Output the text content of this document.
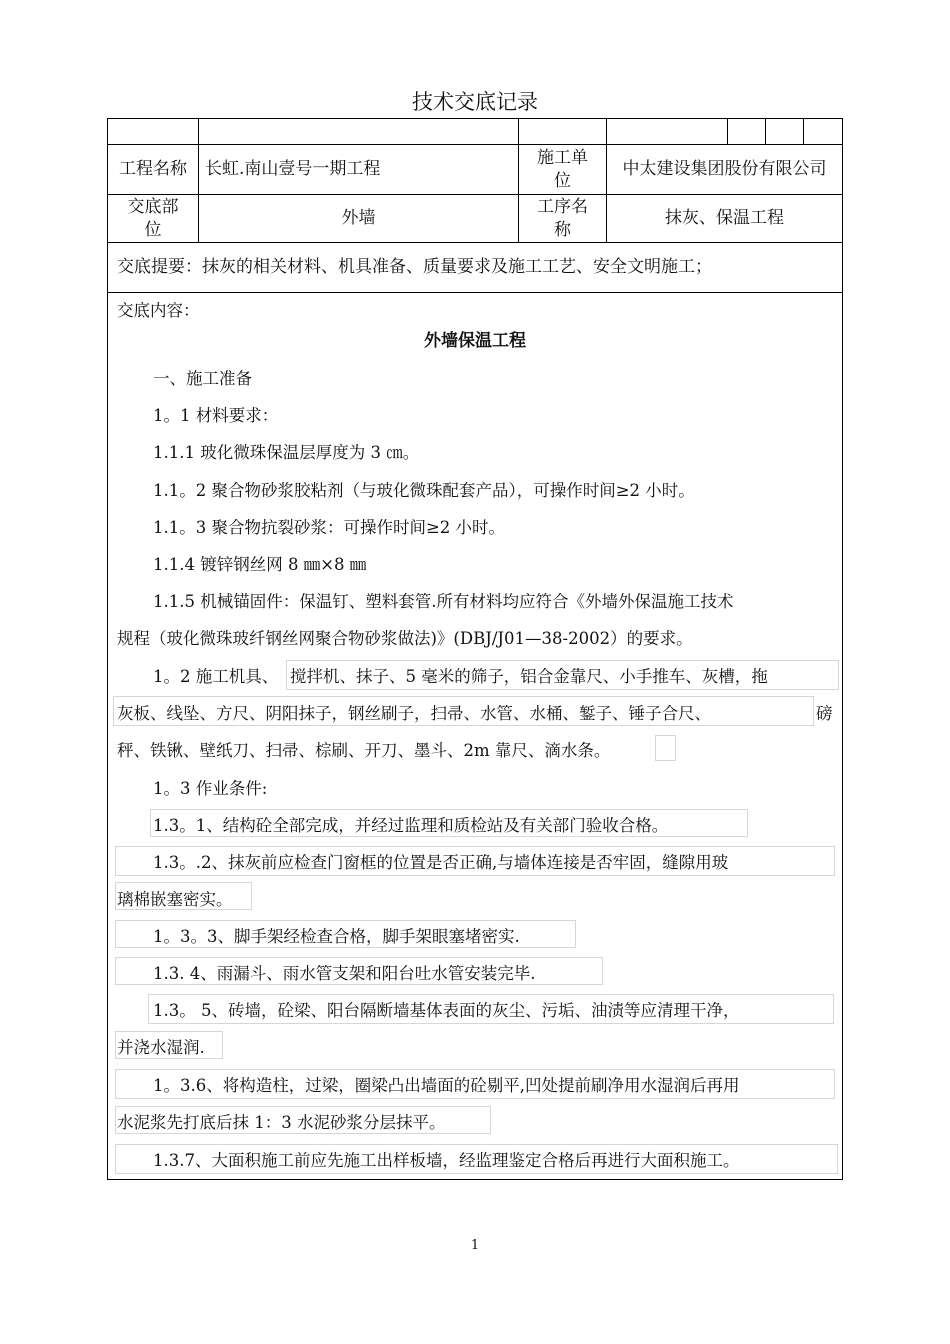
技术交底记录
工程名称	长虹.南山壹号一期工程
施工单位
中太建设集团股份有限公司
交底部位
外墙
工序名称
抹灰、保温工程
交底提要：抹灰的相关材料、机具准备、质量要求及施工工艺、安全文明施工；
交底内容：
外墙保温工程
一、施工准备
1。1 材料要求：
1.1.1 玻化微珠保温层厚度为 3 ㎝。
1.1。2 聚合物砂浆胶粘剂（与玻化微珠配套产品），可操作时间≥2 小时。
1.1。3 聚合物抗裂砂浆：可操作时间≥2 小时。
1.1.4 镀锌钢丝网 8 ㎜×8 ㎜
1.1.5 机械锚固件：保温钉、塑料套管.所有材料均应符合《外墙外保温施工技术
规程（玻化微珠玻纤钢丝网聚合物砂浆做法)》(DBJ/J01—38-2002）的要求。
1。2 施工机具、 搅拌机、抹子、5 毫米的筛子，铝合金靠尺、小手推车、灰槽，拖
灰板、线坠、方尺、阴阳抹子，钢丝刷子，扫帚、水管、水桶、錾子、锤子合尺、	磅
秤、铁锹、壁纸刀、扫帚、棕刷、开刀、墨斗、2m 靠尺、滴水条。
1。3 作业条件:
1.3。1、结构砼全部完成，并经过监理和质检站及有关部门验收合格。
1.3。.2、抹灰前应检查门窗框的位置是否正确,与墙体连接是否牢固，缝隙用玻
璃棉嵌塞密实。
1。3。3、脚手架经检查合格，脚手架眼塞堵密实.
1.3. 4、雨漏斗、雨水管支架和阳台吐水管安装完毕.
1.3。 5、砖墙，砼梁、阳台隔断墙基体表面的灰尘、污垢、油渍等应清理干净，
并浇水湿润.
1。3.6、将构造柱，过梁，圈梁凸出墙面的砼剔平,凹处提前刷净用水湿润后再用
水泥浆先打底后抹 1：3 水泥砂浆分层抹平。
1.3.7、大面积施工前应先施工出样板墙，经监理鉴定合格后再进行大面积施工。
1
